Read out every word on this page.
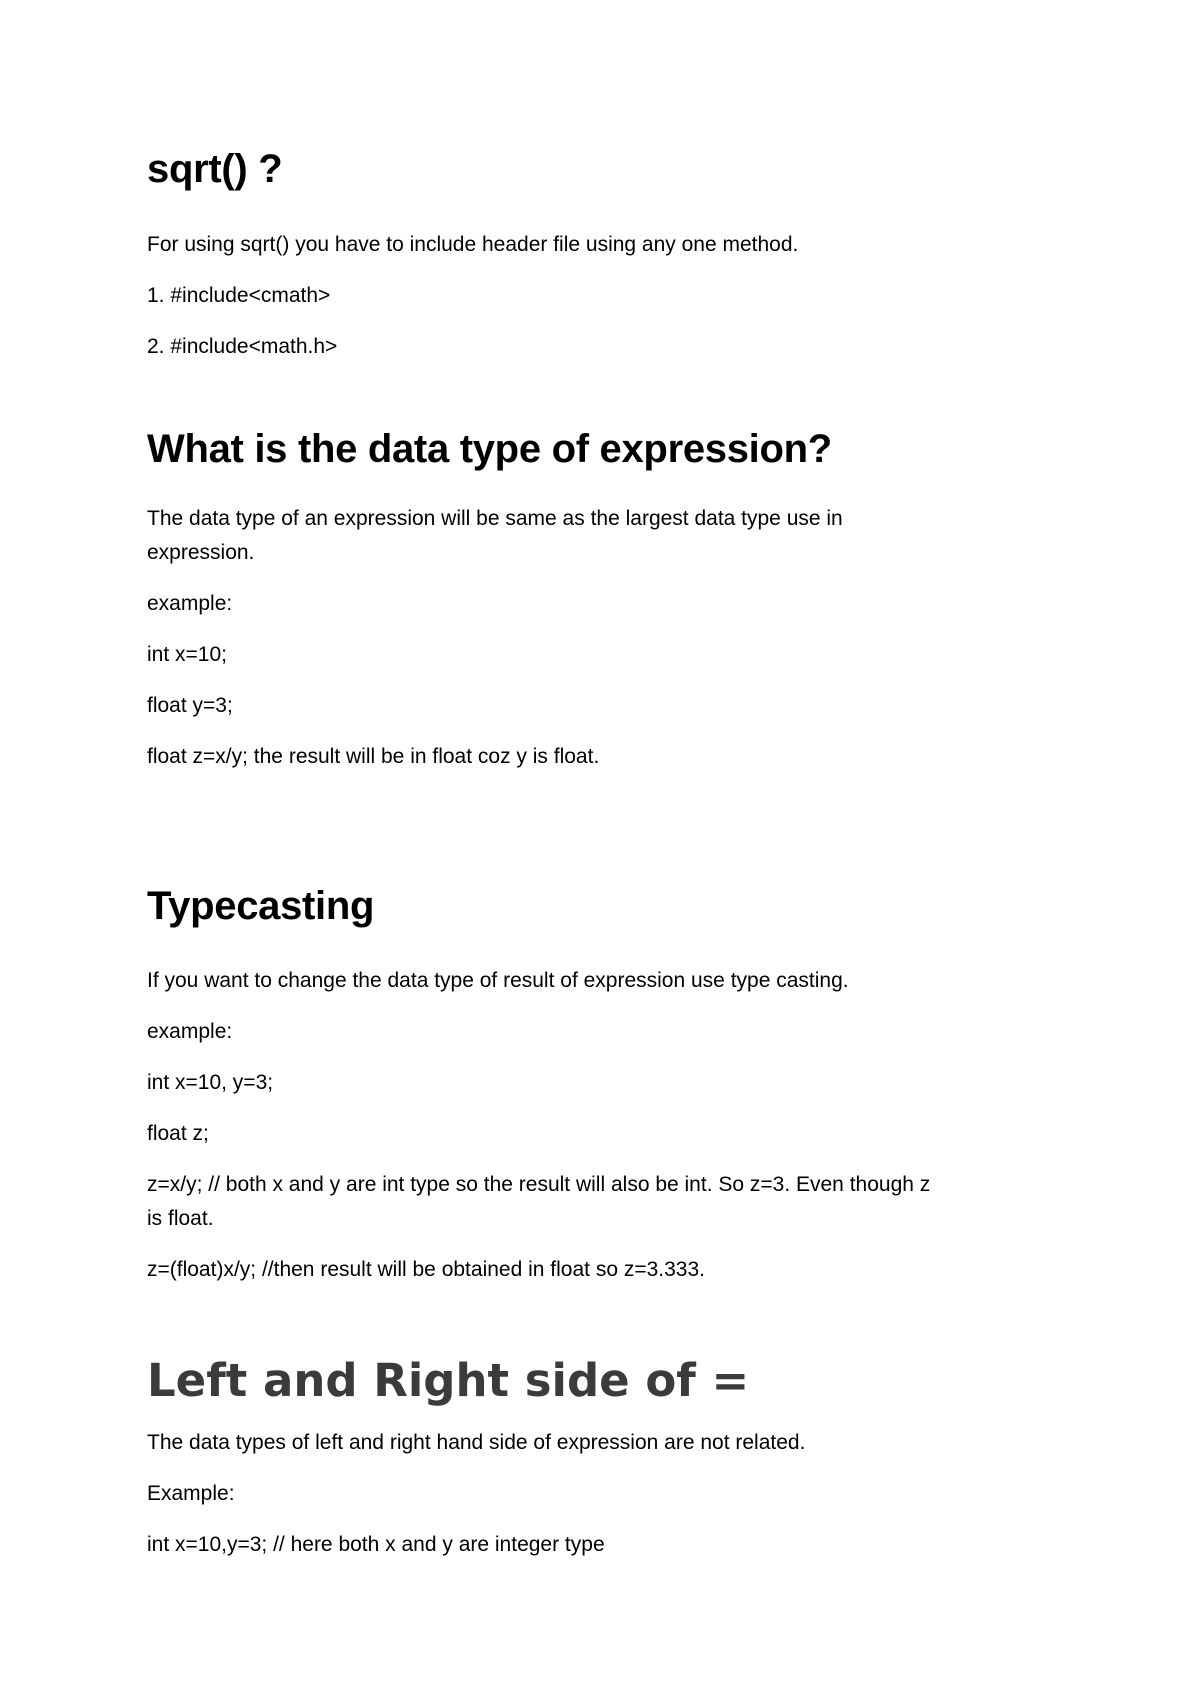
sqrt() ?

For using sqrt() you have to include header file using any one method.

1. #include<cmath>

2. #include<math.h>

What is the data type of expression?

The data type of an expression will be same as the largest data type use in

expression.

example:

int x=10;

float y=3;

float z=x/y; the result will be in float coz y is float.

Typecasting

If you want to change the data type of result of expression use type casting.

example:

int x=10, y=3;

float z;

z=x/y; // both x and y are int type so the result will also be int. So z=3. Even though z

is float.

z=(float)x/y; //then result will be obtained in float so z=3.333.

Left and Right side of =

The data types of left and right hand side of expression are not related.

Example:

int x=10,y=3; // here both x and y are integer type
